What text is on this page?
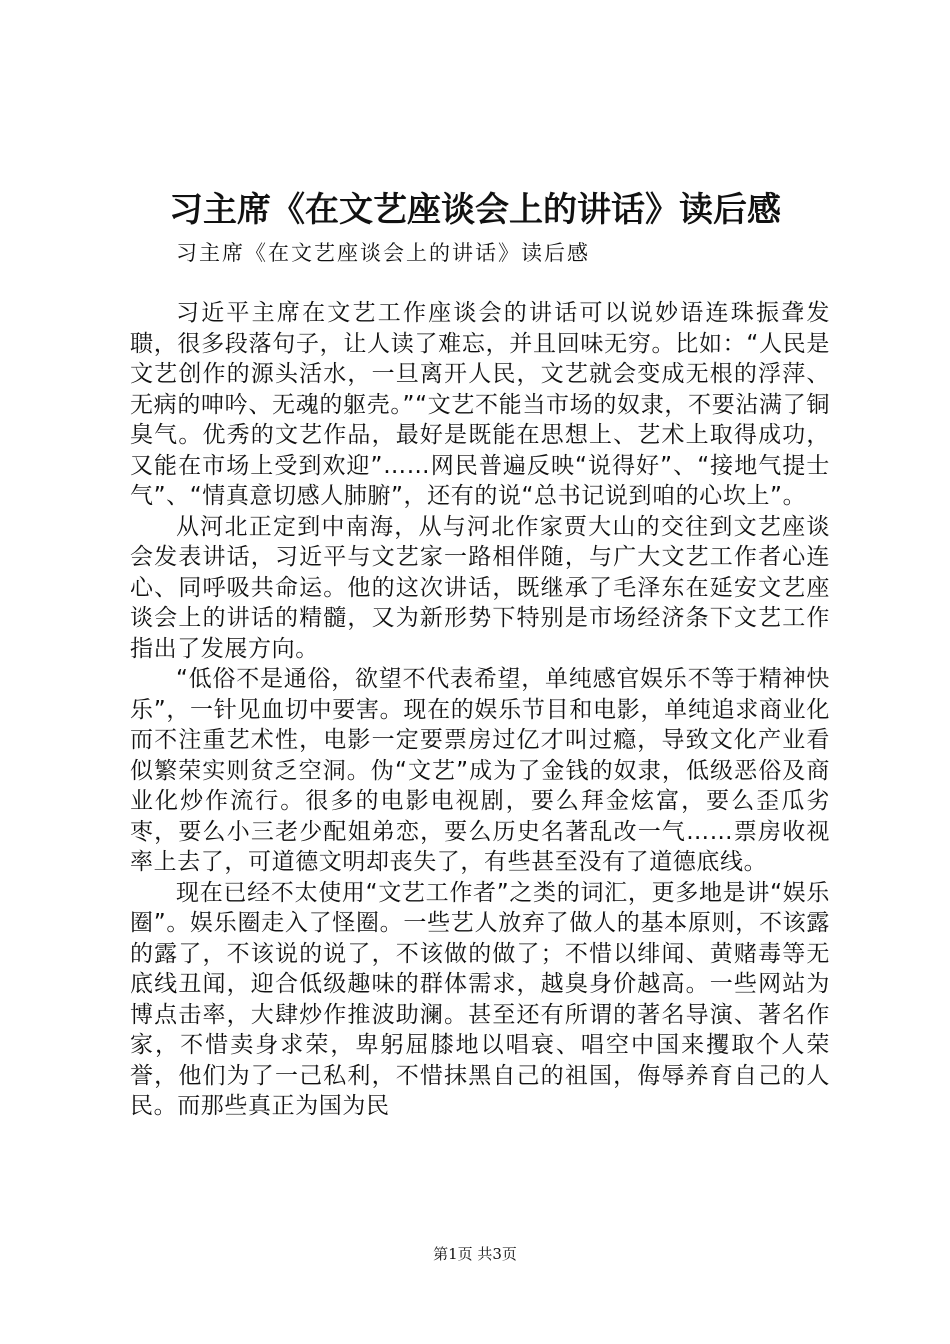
习主席《在文艺座谈会上的讲话》读后感
习主席《在文艺座谈会上的讲话》读后感

习近平主席在文艺工作座谈会的讲话可以说妙语连珠振聋发聩，很多段落句子，让人读了难忘，并且回味无穷。比如：“人民是文艺创作的源头活水，一旦离开人民，文艺就会变成无根的浮萍、无病的呻吟、无魂的躯壳。”“文艺不能当市场的奴隶，不要沾满了铜臭气。优秀的文艺作品，最好是既能在思想上、艺术上取得成功，又能在市场上受到欢迎”……网民普遍反映“说得好”、“接地气提士气”、“情真意切感人肺腑”，还有的说“总书记说到咱的心坎上”。

从河北正定到中南海，从与河北作家贾大山的交往到文艺座谈会发表讲话，习近平与文艺家一路相伴随，与广大文艺工作者心连心、同呼吸共命运。他的这次讲话，既继承了毛泽东在延安文艺座谈会上的讲话的精髓，又为新形势下特别是市场经济条下文艺工作指出了发展方向。

“低俗不是通俗，欲望不代表希望，单纯感官娱乐不等于精神快乐”，一针见血切中要害。现在的娱乐节目和电影，单纯追求商业化而不注重艺术性，电影一定要票房过亿才叫过瘾，导致文化产业看似繁荣实则贫乏空洞。伪“文艺”成为了金钱的奴隶，低级恶俗及商业化炒作流行。很多的电影电视剧，要么拜金炫富，要么歪瓜劣枣，要么小三老少配姐弟恋，要么历史名著乱改一气……票房收视率上去了，可道德文明却丧失了，有些甚至没有了道德底线。

现在已经不太使用“文艺工作者”之类的词汇，更多地是讲“娱乐圈”。娱乐圈走入了怪圈。一些艺人放弃了做人的基本原则，不该露的露了，不该说的说了，不该做的做了；不惜以绯闻、黄赌毒等无底线丑闻，迎合低级趣味的群体需求，越臭身价越高。一些网站为博点击率，大肆炒作推波助澜。甚至还有所谓的著名导演、著名作家，不惜卖身求荣，卑躬屈膝地以唱衰、唱空中国来攫取个人荣誉，他们为了一己私利，不惜抹黑自己的祖国，侮辱养育自己的人民。而那些真正为国为民

第1页 共3页
